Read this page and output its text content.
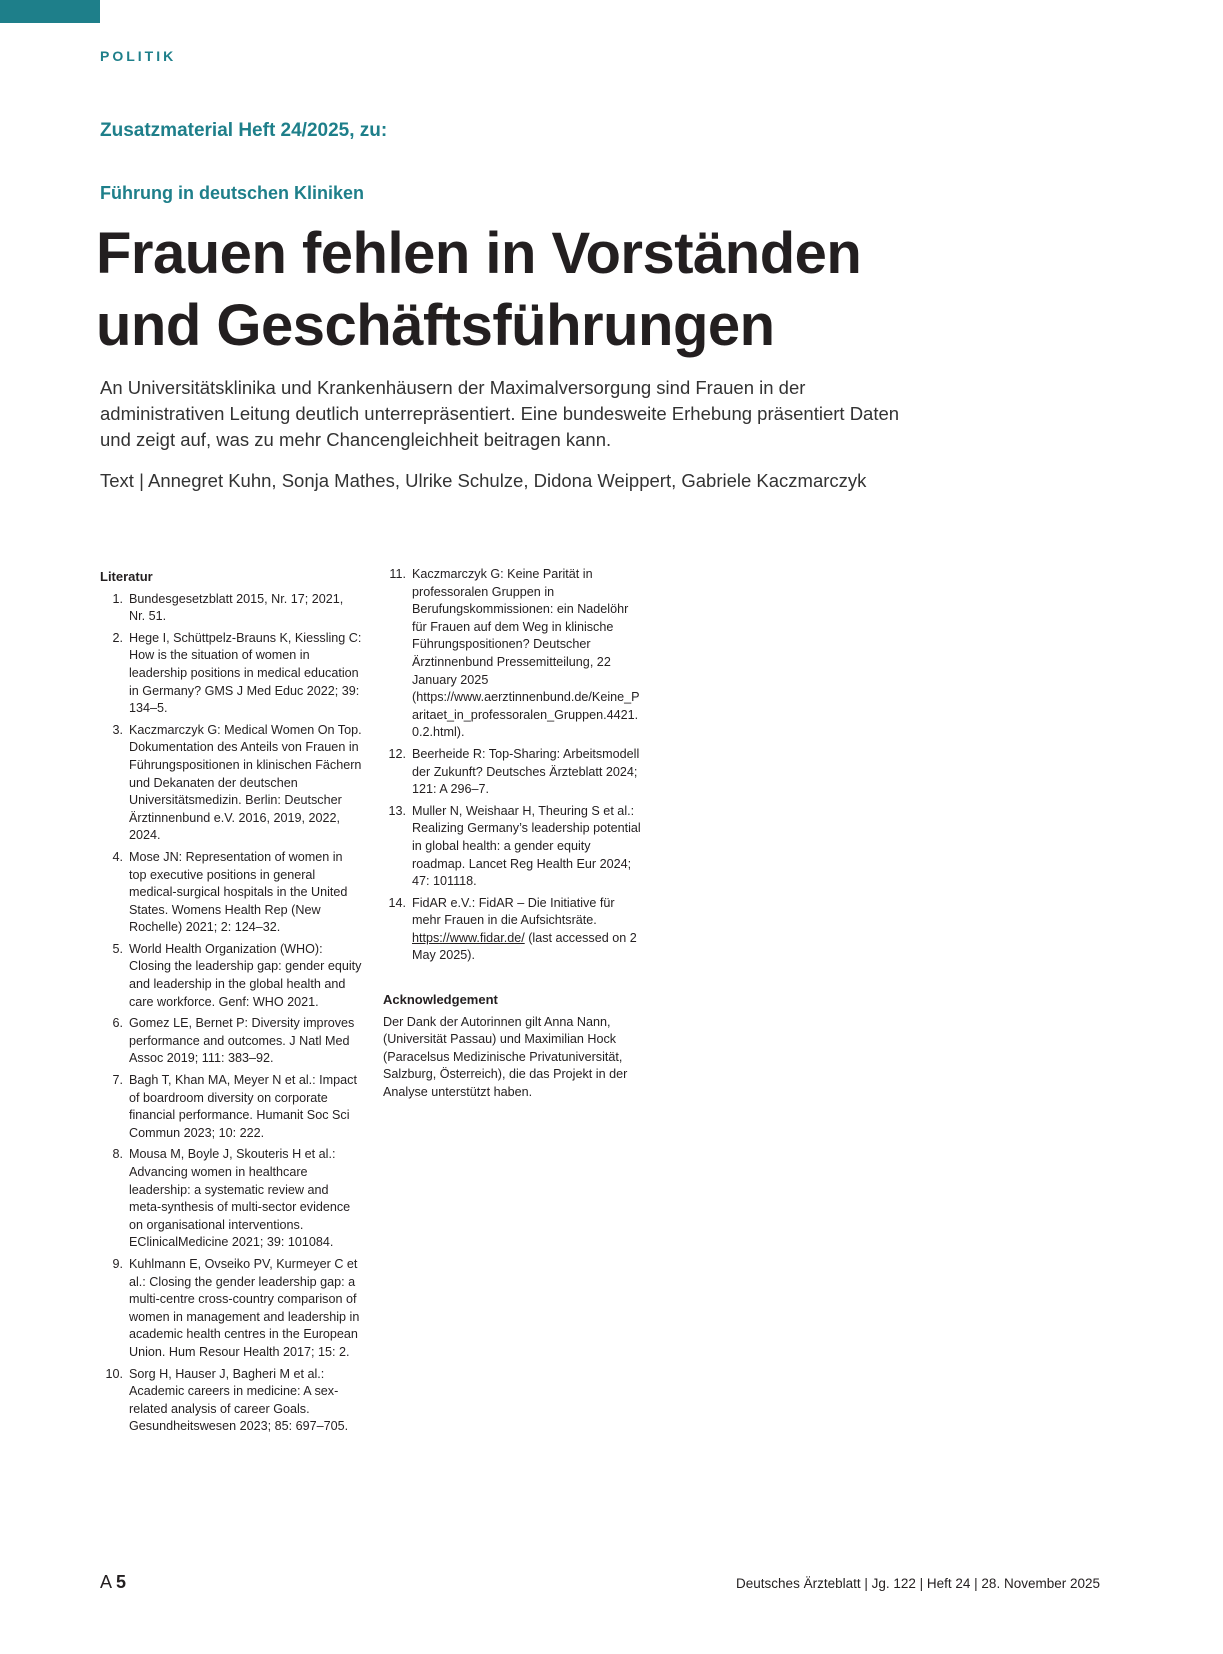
POLITIK
Zusatzmaterial Heft 24/2025, zu:
Führung in deutschen Kliniken
Frauen fehlen in Vorständen
und Geschäftsführungen
An Universitätsklinika und Krankenhäusern der Maximalversorgung sind Frauen in der administrativen Leitung deutlich unterrepräsentiert. Eine bundesweite Erhebung präsentiert Daten und zeigt auf, was zu mehr Chancengleichheit beitragen kann.
Text | Annegret Kuhn, Sonja Mathes, Ulrike Schulze, Didona Weippert, Gabriele Kaczmarczyk
Literatur
1. Bundesgesetzblatt 2015, Nr. 17; 2021, Nr. 51.
2. Hege I, Schüttpelz-Brauns K, Kiessling C: How is the situation of women in leadership positions in medical education in Germany? GMS J Med Educ 2022; 39: 134–5.
3. Kaczmarczyk G: Medical Women On Top. Dokumentation des Anteils von Frauen in Führungspositionen in klinischen Fächern und Dekanaten der deutschen Universitätsmedizin. Berlin: Deutscher Ärztinnenbund e.V. 2016, 2019, 2022, 2024.
4. Mose JN: Representation of women in top executive positions in general medical-surgical hospitals in the United States. Womens Health Rep (New Rochelle) 2021; 2: 124–32.
5. World Health Organization (WHO): Closing the leadership gap: gender equity and leadership in the global health and care workforce. Genf: WHO 2021.
6. Gomez LE, Bernet P: Diversity improves performance and outcomes. J Natl Med Assoc 2019; 111: 383–92.
7. Bagh T, Khan MA, Meyer N et al.: Impact of boardroom diversity on corporate financial performance. Humanit Soc Sci Commun 2023; 10: 222.
8. Mousa M, Boyle J, Skouteris H et al.: Advancing women in healthcare leadership: a systematic review and meta-synthesis of multi-sector evidence on organisational interventions. EClinicalMedicine 2021; 39: 101084.
9. Kuhlmann E, Ovseiko PV, Kurmeyer C et al.: Closing the gender leadership gap: a multi-centre cross-country comparison of women in management and leadership in academic health centres in the European Union. Hum Resour Health 2017; 15: 2.
10. Sorg H, Hauser J, Bagheri M et al.: Academic careers in medicine: A sex-related analysis of career Goals. Gesundheitswesen 2023; 85: 697–705.
11. Kaczmarczyk G: Keine Parität in professoralen Gruppen in Berufungskommissionen: ein Nadelöhr für Frauen auf dem Weg in klinische Führungspositionen? Deutscher Ärztinnenbund Pressemitteilung, 22 January 2025 (https://www.aerztinnenbund.de/Keine_Paritaet_in_professoralen_Gruppen.4421.0.2.html).
12. Beerheide R: Top-Sharing: Arbeitsmodell der Zukunft? Deutsches Ärzteblatt 2024; 121: A 296–7.
13. Muller N, Weishaar H, Theuring S et al.: Realizing Germany’s leadership potential in global health: a gender equity roadmap. Lancet Reg Health Eur 2024; 47: 101118.
14. FidAR e.V.: FidAR – Die Initiative für mehr Frauen in die Aufsichtsräte. https://www.fidar.de/ (last accessed on 2 May 2025).
Acknowledgement

Der Dank der Autorinnen gilt Anna Nann, (Universität Passau) und Maximilian Hock (Paracelsus Medizinische Privatuniversität, Salzburg, Österreich), die das Projekt in der Analyse unterstützt haben.

A 5	Deutsches Ärzteblatt | Jg. 122 | Heft 24 | 28. November 2025
